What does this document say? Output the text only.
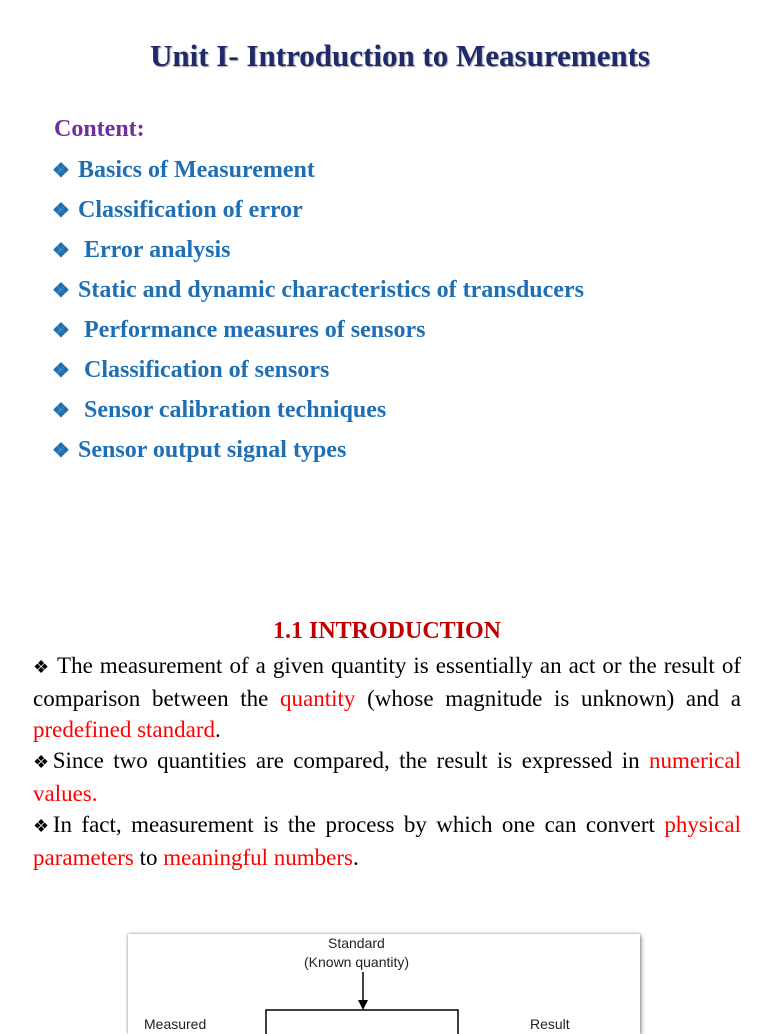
Unit I- Introduction to Measurements
Content:
❖ Basics of Measurement
❖ Classification of error
❖ Error analysis
❖ Static and dynamic characteristics of transducers
❖ Performance measures of sensors
❖ Classification of sensors
❖ Sensor calibration techniques
❖ Sensor output signal types
1.1 INTRODUCTION

❖ The measurement of a given quantity is essentially an act or the result of comparison between the quantity (whose magnitude is unknown) and a predefined standard.

❖Since two quantities are compared, the result is expressed in numerical values.

❖In fact, measurement is the process by which one can convert physical parameters to meaningful numbers.

Standard
(Known quantity)
Measured	Result
